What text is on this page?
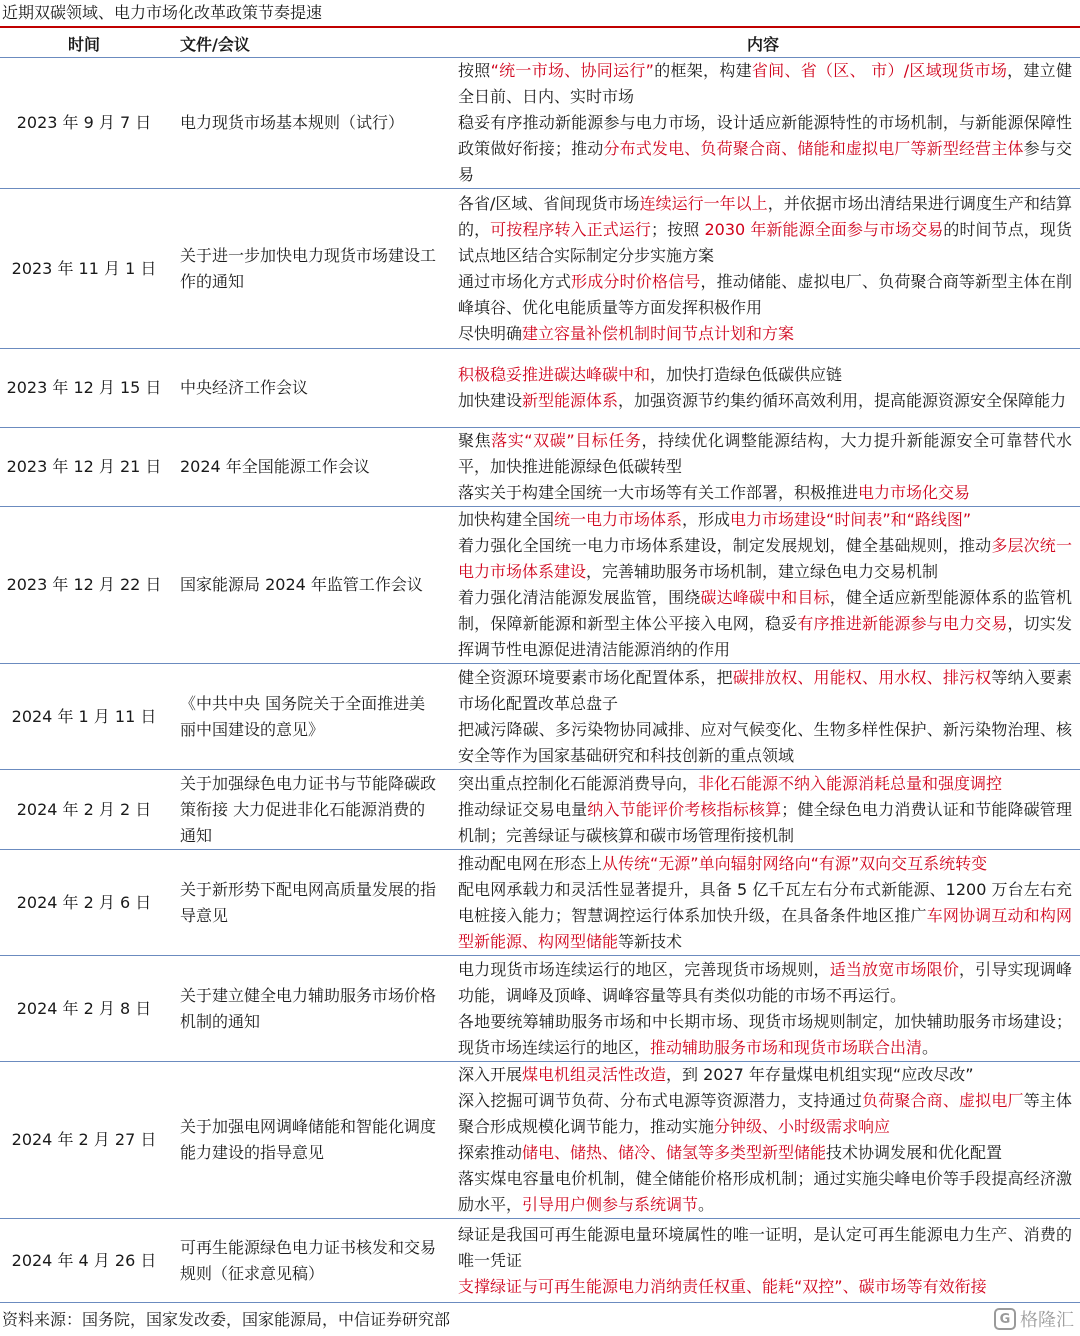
近期双碳领域、电力市场化改革政策节奏提速
时间	文件/会议	内容
2023 年 9 月 7 日	电力现货市场基本规则（试行）	按照“统一市场、协同运行”的框架，构建省间、省（区、 市）/区域现货市场，建立健全日前、日内、实时市场
稳妥有序推动新能源参与电力市场，设计适应新能源特性的市场机制，与新能源保障性政策做好衔接；推动分布式发电、负荷聚合商、储能和虚拟电厂等新型经营主体参与交易
2023 年 11 月 1 日	关于进一步加快电力现货市场建设工作的通知	各省/区域、省间现货市场连续运行一年以上，并依据市场出清结果进行调度生产和结算的，可按程序转入正式运行；按照 2030 年新能源全面参与市场交易的时间节点，现货试点地区结合实际制定分步实施方案
通过市场化方式形成分时价格信号，推动储能、虚拟电厂、负荷聚合商等新型主体在削峰填谷、优化电能质量等方面发挥积极作用
尽快明确建立容量补偿机制时间节点计划和方案
2023 年 12 月 15 日	中央经济工作会议	积极稳妥推进碳达峰碳中和，加快打造绿色低碳供应链
加快建设新型能源体系，加强资源节约集约循环高效利用，提高能源资源安全保障能力
2023 年 12 月 21 日	2024 年全国能源工作会议	聚焦落实“双碳”目标任务，持续优化调整能源结构，大力提升新能源安全可靠替代水平，加快推进能源绿色低碳转型
落实关于构建全国统一大市场等有关工作部署，积极推进电力市场化交易
2023 年 12 月 22 日	国家能源局 2024 年监管工作会议	加快构建全国统一电力市场体系，形成电力市场建设“时间表”和“路线图”
着力强化全国统一电力市场体系建设，制定发展规划，健全基础规则，推动多层次统一电力市场体系建设，完善辅助服务市场机制，建立绿色电力交易机制
着力强化清洁能源发展监管，围绕碳达峰碳中和目标，健全适应新型能源体系的监管机制，保障新能源和新型主体公平接入电网，稳妥有序推进新能源参与电力交易，切实发挥调节性电源促进清洁能源消纳的作用
2024 年 1 月 11 日	《中共中央 国务院关于全面推进美丽中国建设的意见》	健全资源环境要素市场化配置体系，把碳排放权、用能权、用水权、排污权等纳入要素市场化配置改革总盘子
把减污降碳、多污染物协同减排、应对气候变化、生物多样性保护、新污染物治理、核安全等作为国家基础研究和科技创新的重点领域
2024 年 2 月 2 日	关于加强绿色电力证书与节能降碳政策衔接 大力促进非化石能源消费的通知	突出重点控制化石能源消费导向，非化石能源不纳入能源消耗总量和强度调控
推动绿证交易电量纳入节能评价考核指标核算；健全绿色电力消费认证和节能降碳管理机制；完善绿证与碳核算和碳市场管理衔接机制
2024 年 2 月 6 日	关于新形势下配电网高质量发展的指导意见	推动配电网在形态上从传统“无源”单向辐射网络向“有源”双向交互系统转变
配电网承载力和灵活性显著提升，具备 5 亿千瓦左右分布式新能源、1200 万台左右充电桩接入能力；智慧调控运行体系加快升级，在具备条件地区推广车网协调互动和构网型新能源、构网型储能等新技术
2024 年 2 月 8 日	关于建立健全电力辅助服务市场价格机制的通知	电力现货市场连续运行的地区，完善现货市场规则，适当放宽市场限价，引导实现调峰功能，调峰及顶峰、调峰容量等具有类似功能的市场不再运行。
各地要统筹辅助服务市场和中长期市场、现货市场规则制定，加快辅助服务市场建设；现货市场连续运行的地区，推动辅助服务市场和现货市场联合出清。
2024 年 2 月 27 日	关于加强电网调峰储能和智能化调度能力建设的指导意见	深入开展煤电机组灵活性改造，到 2027 年存量煤电机组实现“应改尽改”
深入挖掘可调节负荷、分布式电源等资源潜力，支持通过负荷聚合商、虚拟电厂等主体聚合形成规模化调节能力，推动实施分钟级、小时级需求响应
探索推动储电、储热、储冷、储氢等多类型新型储能技术协调发展和优化配置
落实煤电容量电价机制，健全储能价格形成机制；通过实施尖峰电价等手段提高经济激励水平，引导用户侧参与系统调节。
2024 年 4 月 26 日	可再生能源绿色电力证书核发和交易规则（征求意见稿）	绿证是我国可再生能源电量环境属性的唯一证明，是认定可再生能源电力生产、消费的唯一凭证
支撑绿证与可再生能源电力消纳责任权重、能耗“双控”、碳市场等有效衔接
资料来源：国务院，国家发改委，国家能源局，中信证券研究部	G 格隆汇
